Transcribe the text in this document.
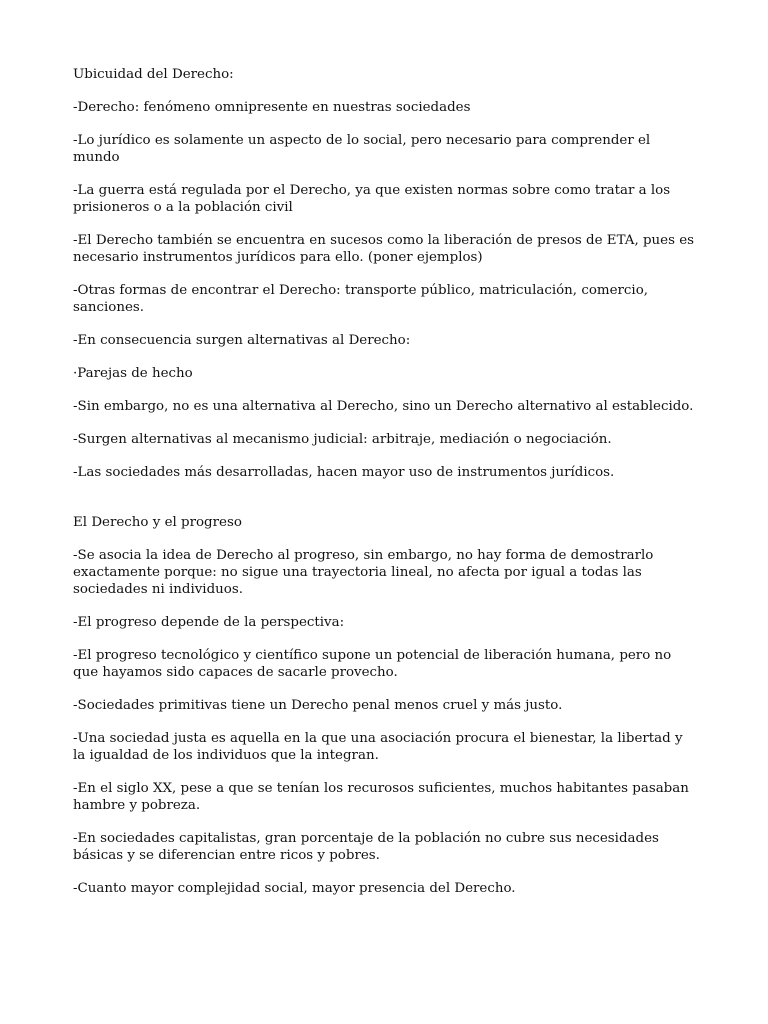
Ubicuidad del Derecho:

-Derecho: fenómeno omnipresente en nuestras sociedades

-Lo jurídico es solamente un aspecto de lo social, pero necesario para comprender el mundo

-La guerra está regulada por el Derecho, ya que existen normas sobre como tratar a los prisioneros o a la población civil

-El Derecho también se encuentra en sucesos como la liberación de presos de ETA, pues es necesario instrumentos jurídicos para ello. (poner ejemplos)

-Otras formas de encontrar el Derecho: transporte público, matriculación, comercio, sanciones.

-En consecuencia surgen alternativas al Derecho:

·Parejas de hecho

-Sin embargo, no es una alternativa al Derecho, sino un Derecho alternativo al establecido.

-Surgen alternativas al mecanismo judicial: arbitraje, mediación o negociación.

-Las sociedades más desarrolladas, hacen mayor uso de instrumentos jurídicos.

El Derecho y el progreso

-Se asocia la idea de Derecho al progreso, sin embargo, no hay forma de demostrarlo exactamente porque: no sigue una trayectoria lineal, no afecta por igual a todas las sociedades ni individuos.

-El progreso depende de la perspectiva:

-El progreso tecnológico y científico supone un potencial de liberación humana, pero no que hayamos sido capaces de sacarle provecho.

-Sociedades primitivas tiene un Derecho penal menos cruel y más justo.

-Una sociedad justa es aquella en la que una asociación procura el bienestar, la libertad y la igualdad de los individuos que la integran.

-En el siglo XX, pese a que se tenían los recurosos suficientes, muchos habitantes pasaban hambre y pobreza.

-En sociedades capitalistas, gran porcentaje de la población no cubre sus necesidades básicas y se diferencian entre ricos y pobres.

-Cuanto mayor complejidad social, mayor presencia del Derecho.
